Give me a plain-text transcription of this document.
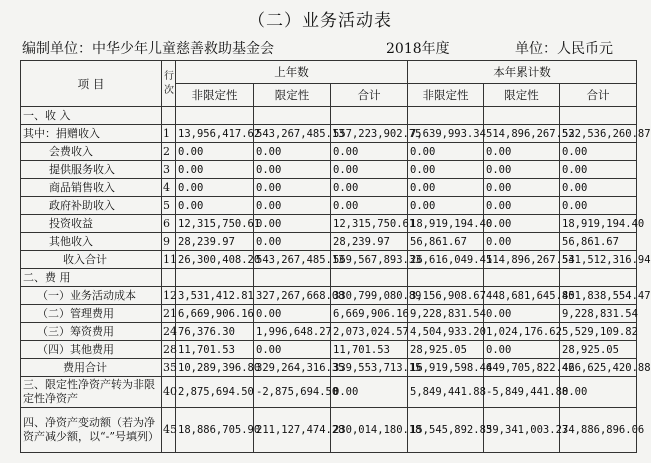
（二）业务活动表
编制单位：中华少年儿童慈善救助基金会	2018年度	单位：人民币元
项 目	行次	上年数			本年累计数		
		非限定性	限定性	合计	非限定性	限定性	合计
一、收 入							
其中：捐赠收入	1	13,956,417.62	543,267,485.13	557,223,902.75	7,639,993.34	514,896,267.53	522,536,260.87
会费收入	2	0.00	0.00	0.00	0.00	0.00	0.00
提供服务收入	3	0.00	0.00	0.00	0.00	0.00	0.00
商品销售收入	4	0.00	0.00	0.00	0.00	0.00	0.00
政府补助收入	5	0.00	0.00	0.00	0.00	0.00	0.00
投资收益	6	12,315,750.61	0.00	12,315,750.61	18,919,194.40	0.00	18,919,194.40
其他收入	9	28,239.97	0.00	28,239.97	56,861.67	0.00	56,861.67
收入合计	11	26,300,408.20	543,267,485.13	569,567,893.33	26,616,049.41	514,896,267.53	541,512,316.94
二、费 用							
（一）业务活动成本	12	3,531,412.81	327,267,668.08	330,799,080.89	3,156,908.67	448,681,645.80	451,838,554.47
（二）管理费用	21	6,669,906.16	0.00	6,669,906.16	9,228,831.54	0.00	9,228,831.54
（三）筹资费用	24	76,376.30	1,996,648.27	2,073,024.57	4,504,933.20	1,024,176.62	5,529,109.82
（四）其他费用	28	11,701.53	0.00	11,701.53	28,925.05	0.00	28,925.05
费用合计	35	10,289,396.80	329,264,316.35	339,553,713.15	16,919,598.46	449,705,822.42	466,625,420.88
三、限定性净资产转为非限定性净资产	40	2,875,694.50	-2,875,694.50	0.00	5,849,441.88	-5,849,441.88	0.00
四、净资产变动额（若为净资产减少额，以“-”号填列）	45	18,886,705.90	211,127,474.28	230,014,180.18	15,545,892.83	59,341,003.23	74,886,896.06
